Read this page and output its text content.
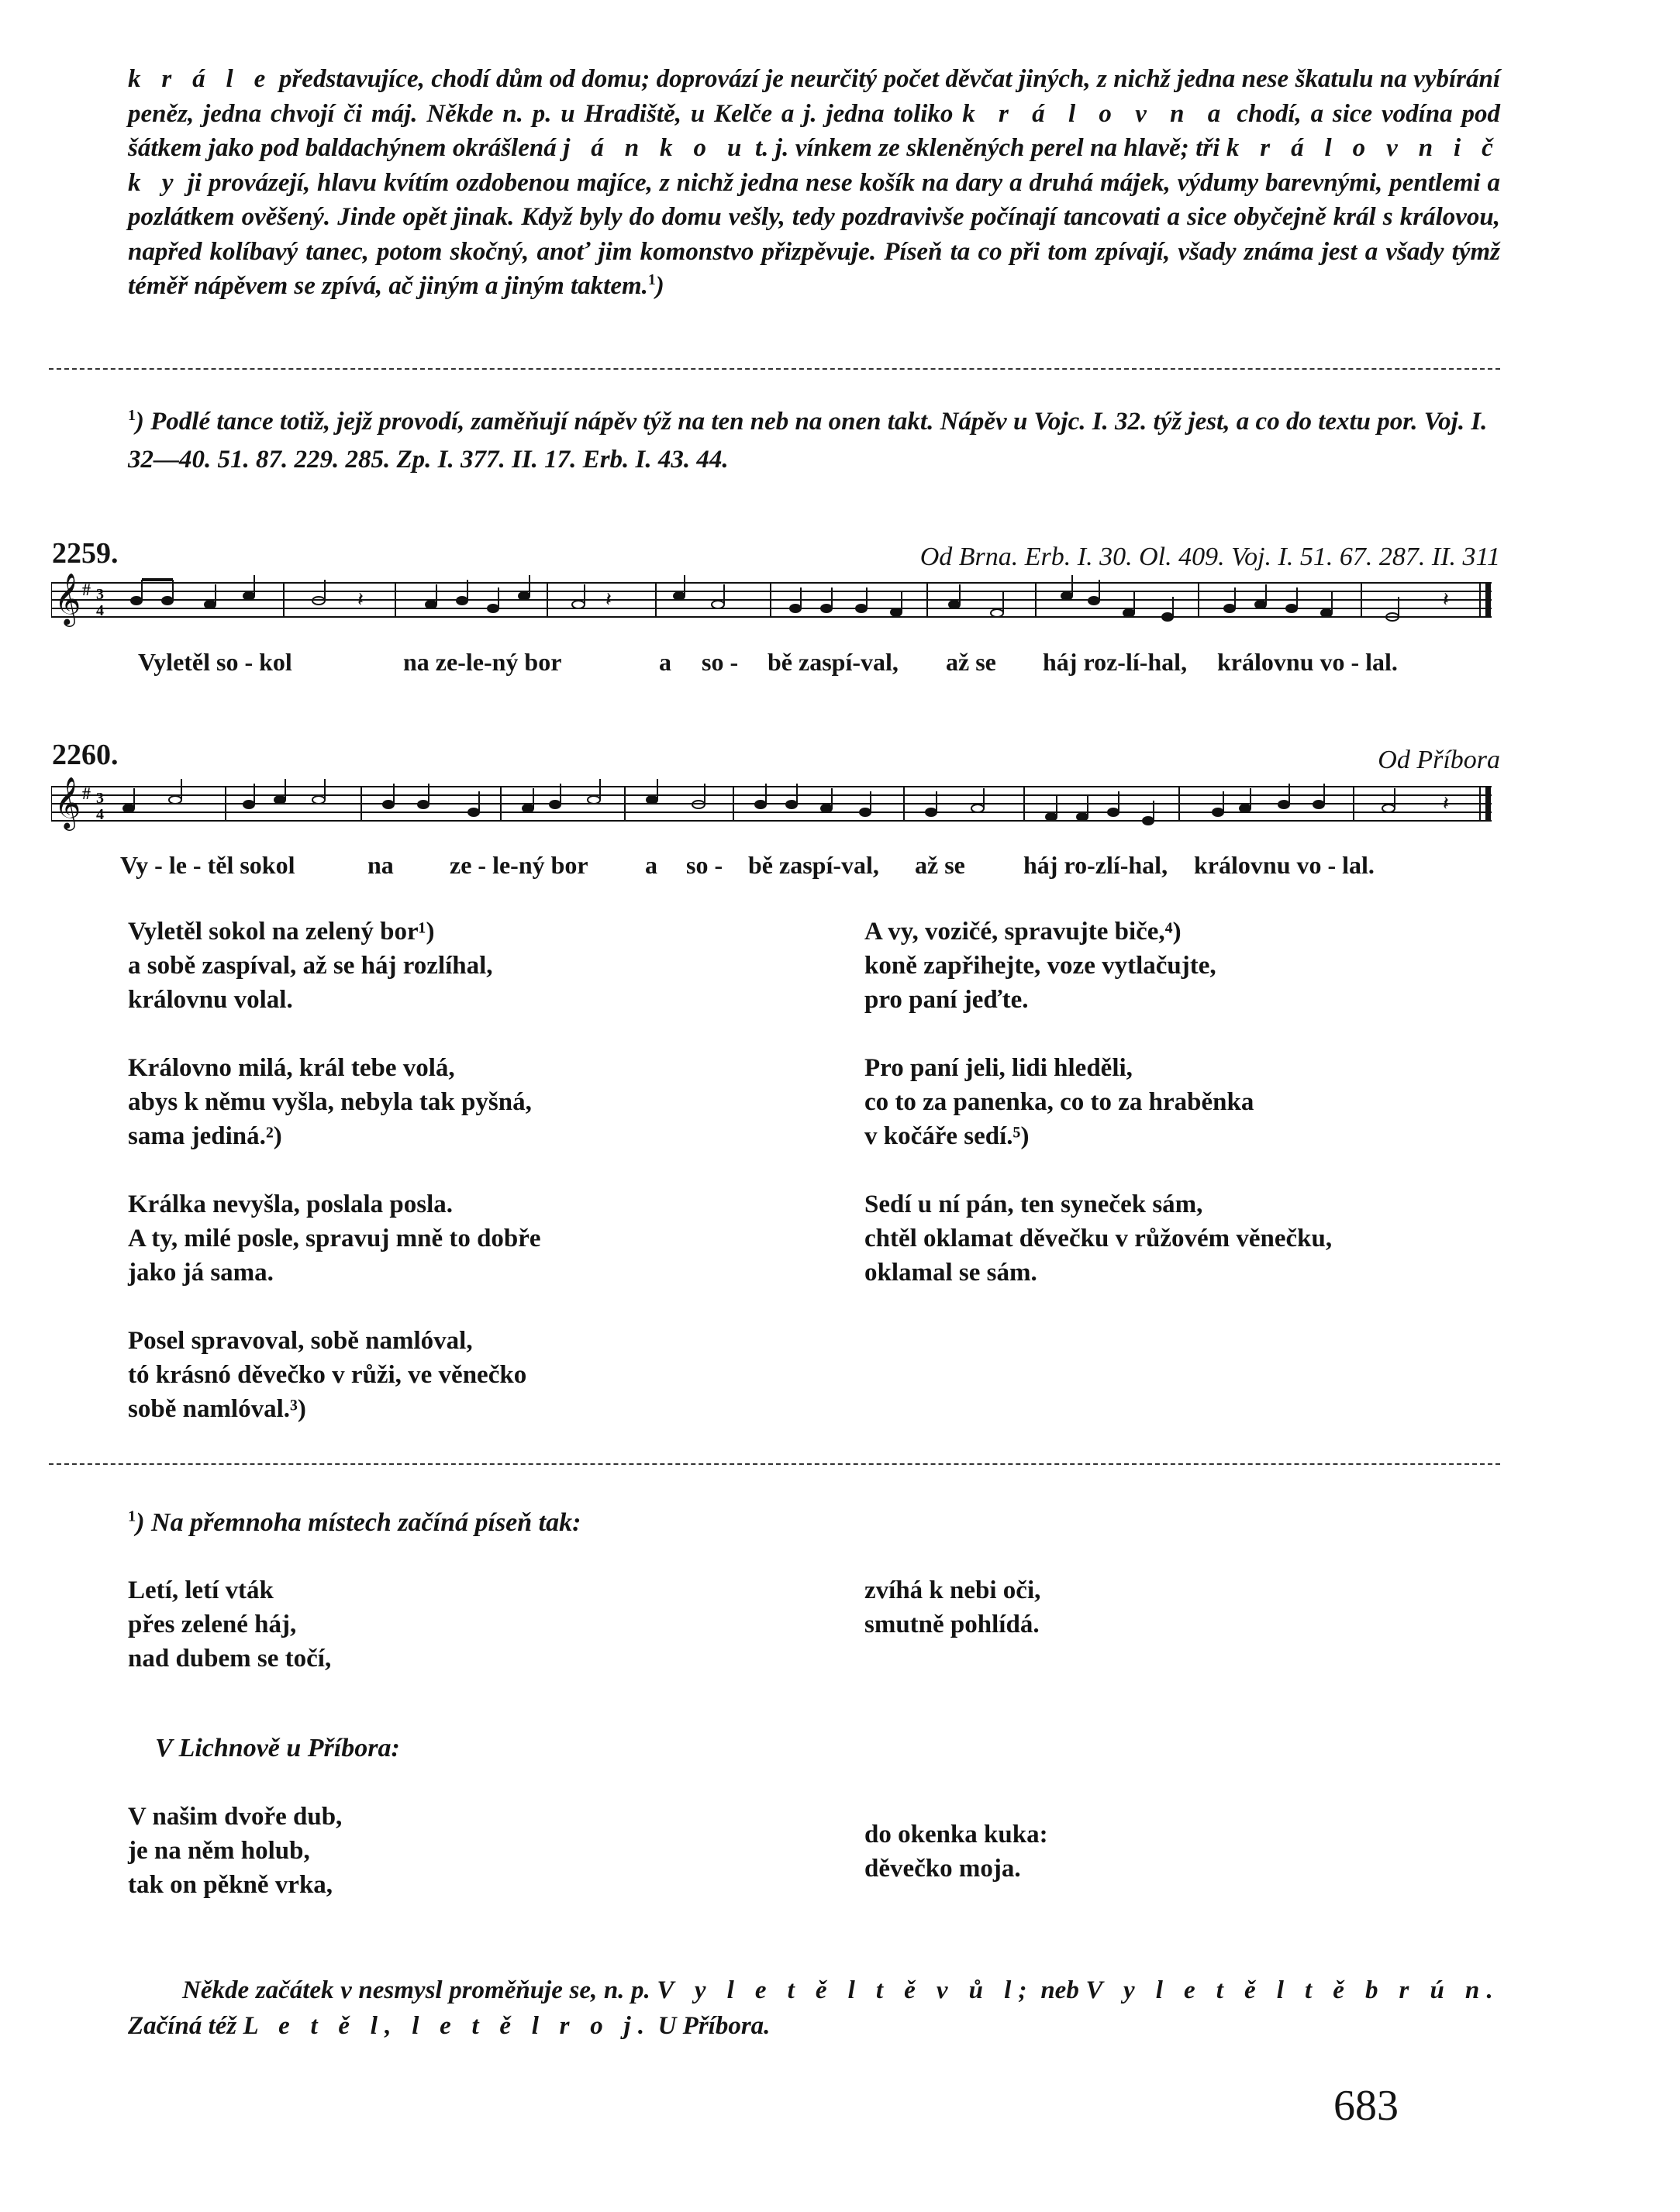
k r á l e představujíce, chodí dům od domu; doprovází je neurčitý počet děvčat jiných, z nichž jedna nese škatulu na vybírání peněz, jedna chvojí či máj. Někde n. p. u Hradiště, u Kelče a j. jedna toliko k r á l o v n a chodí, a sice vodína pod šátkem jako pod baldachýnem okrášlená j á n k o u t. j. vínkem ze skleněných perel na hlavě; tři k r á l o v n i č k y ji provázejí, hlavu kvítím ozdobenou majíce, z nichž jedna nese košík na dary a druhá májek, výdumy barevnými, pentlemi a pozlátkem ověšený. Jinde opět jinak. Když byly do domu vešly, tedy pozdravivše počínají tancovati a sice obyčejně král s královou, napřed kolíbavý tanec, potom skočný, anoť jim komonstvo přizpěvuje. Píseň ta co při tom zpívají, všady známa jest a všady týmž téměř nápěvem se zpívá, ač jiným a jiným taktem.$^1$)

$^1$) Podlé tance totiž, jejž provodí, zaměňují nápěv týž na ten neb na onen takt. Nápěv u Vojc. I. 32. týž jest, a co do textu por. Voj. I. 32—40. 51. 87. 229. 285. Zp. I. 377. II. 17. Erb. I. 43. 44.

2259.	Od Brna. Erb. I. 30. Ol. 409. Voj. I. 51. 67. 287. II. 311
𝄞 # 3
4	𝄽	𝄽	𝄽
Vyletěl so - kol	na ze-le-ný bor	a so - bě zaspí-val, až se háj roz-lí-hal, královnu vo - lal.
2260.	Od Příbora
𝄞 # 3
4	𝄽
Vy - le - těl sokol	na ze - le-ný bor a so - bě zaspí-val, až se háj ro-zlí-hal, královnu vo - lal.
Vyletěl sokol na zelený bor¹)
a sobě zaspíval, až se háj rozlíhal,
královnu volal.
Královno milá, král tebe volá,
abys k němu vyšla, nebyla tak pyšná,
sama jediná.²)
Králka nevyšla, poslala posla.
A ty, milé posle, spravuj mně to dobře
jako já sama.
Posel spravoval, sobě namlóval,
tó krásnó děvečko v růži, ve věnečko
sobě namlóval.³)
A vy, vozičé, spravujte biče,⁴)
koně zapřihejte, voze vytlačujte,
pro paní jeďte.
Pro paní jeli, lidi hleděli,
co to za panenka, co to za hraběnka
v kočáře sedí.⁵)
Sedí u ní pán, ten syneček sám,
chtěl oklamat děvečku v růžovém věnečku,
oklamal se sám.
$^1$) Na přemnoha místech začíná píseň tak:
Letí, letí vták
přes zelené háj,
nad dubem se točí,
zvíhá k nebi oči,
smutně pohlídá.
V Lichnově u Příbora:
V našim dvoře dub,
je na něm holub,
tak on pěkně vrka,
do okenka kuka:
děvečko moja.

Někde začátek v nesmysl proměňuje se, n. p. V y l e t ě l t ě v ů l; neb V y l e t ě l t ě b r ú n. Začíná též L e t ě l, l e t ě l r o j. U Příbora.

683
